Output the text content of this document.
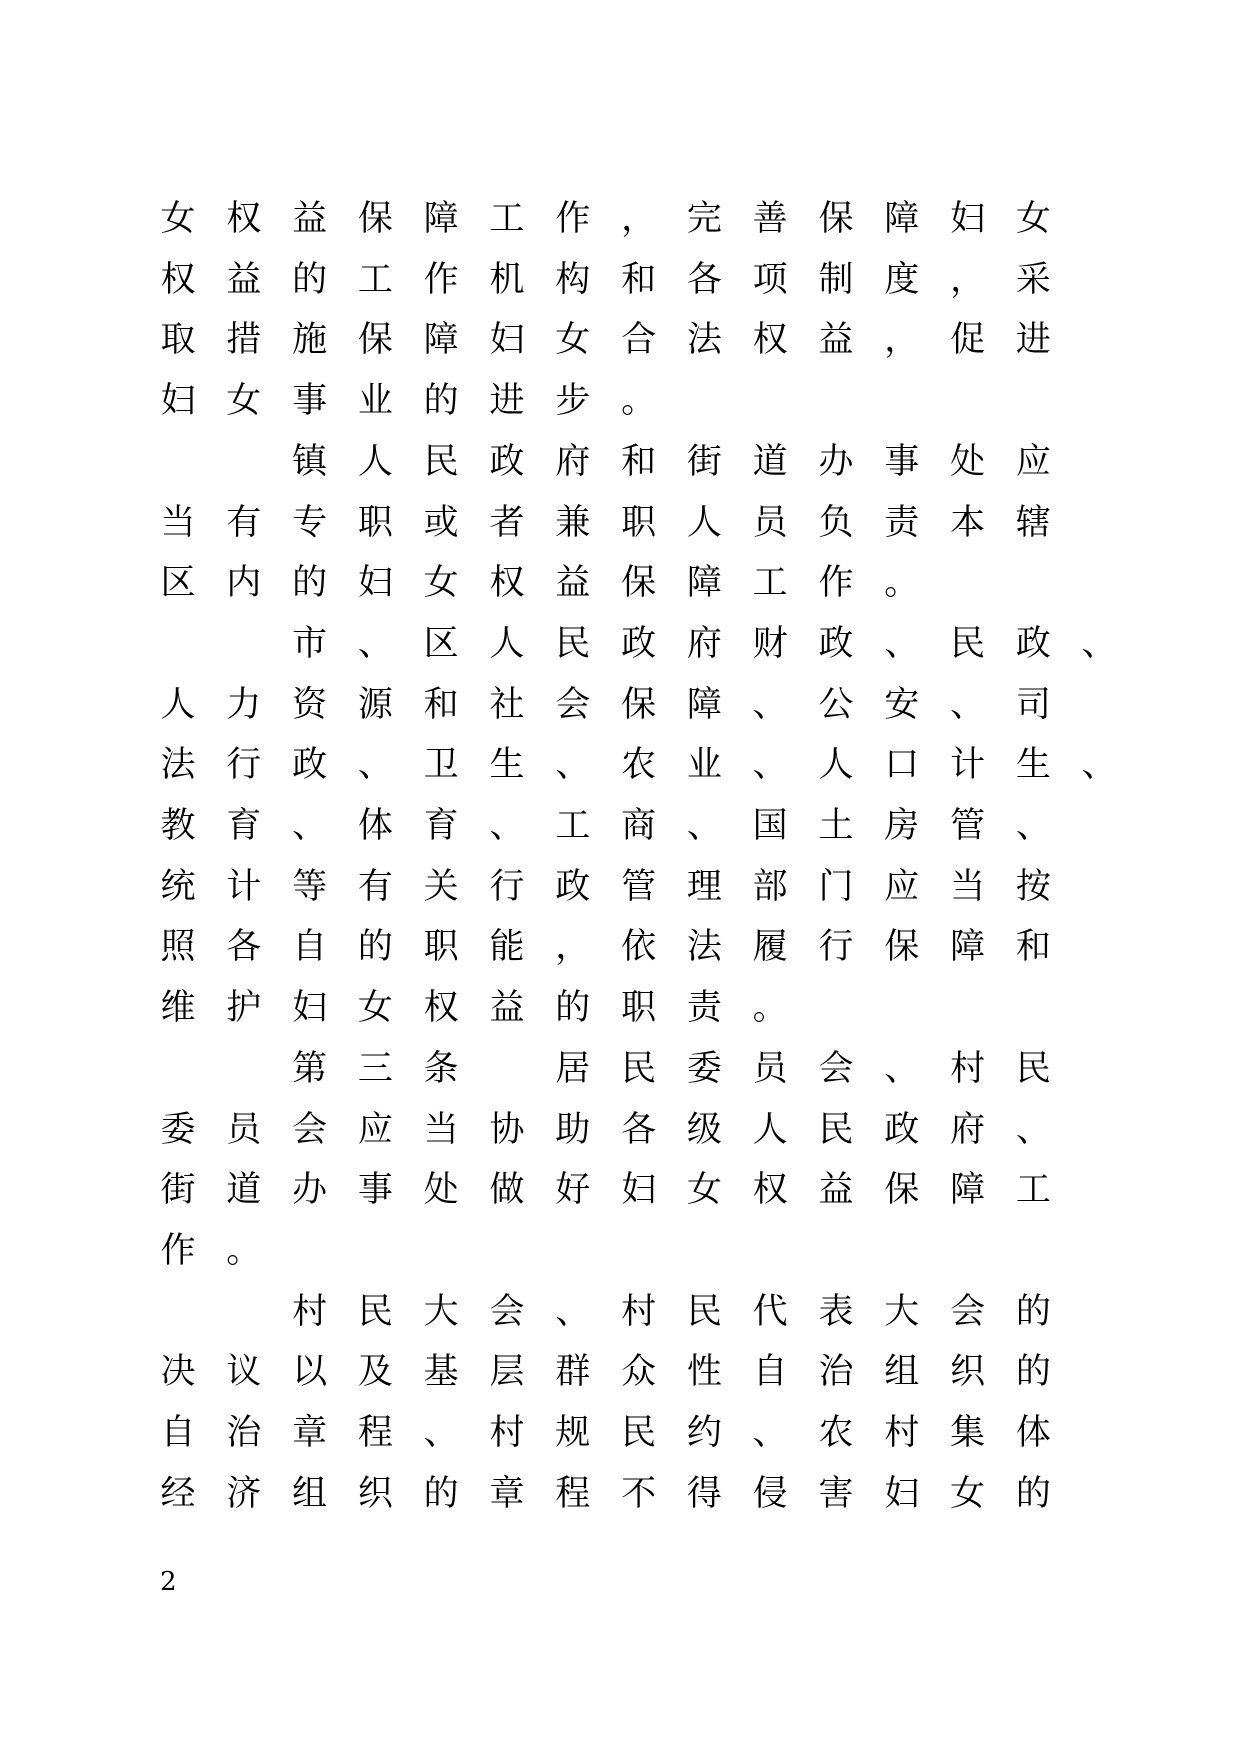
女 权 益 保 障 工 作 ， 完 善 保 障 妇 女
权 益 的 工 作 机 构 和 各 项 制 度 ， 采
取 措 施 保 障 妇 女 合 法 权 益 ， 促 进
妇 女 事 业 的 进 步 。

镇 人 民 政 府 和 街 道 办 事 处 应
当 有 专 职 或 者 兼 职 人 员 负 责 本 辖
区 内 的 妇 女 权 益 保 障 工 作 。

市 、 区 人 民 政 府 财 政 、 民 政 、
人 力 资 源 和 社 会 保 障 、 公 安 、 司
法 行 政 、 卫 生 、 农 业 、 人 口 计 生 、
教 育 、 体 育 、 工 商 、 国 土 房 管 、
统 计 等 有 关 行 政 管 理 部 门 应 当 按
照 各 自 的 职 能 ， 依 法 履 行 保 障 和
维 护 妇 女 权 益 的 职 责 。

第 三 条
	居 民 委 员 会 、 村 民
委 员 会 应 当 协 助 各 级 人 民 政 府 、
街 道 办 事 处 做 好 妇 女 权 益 保 障 工
作 。

村 民 大 会 、 村 民 代 表 大 会 的
决 议 以 及 基 层 群 众 性 自 治 组 织 的
自 治 章 程 、 村 规 民 约 、 农 村 集 体
经 济 组 织 的 章 程 不 得 侵 害 妇 女 的
2
